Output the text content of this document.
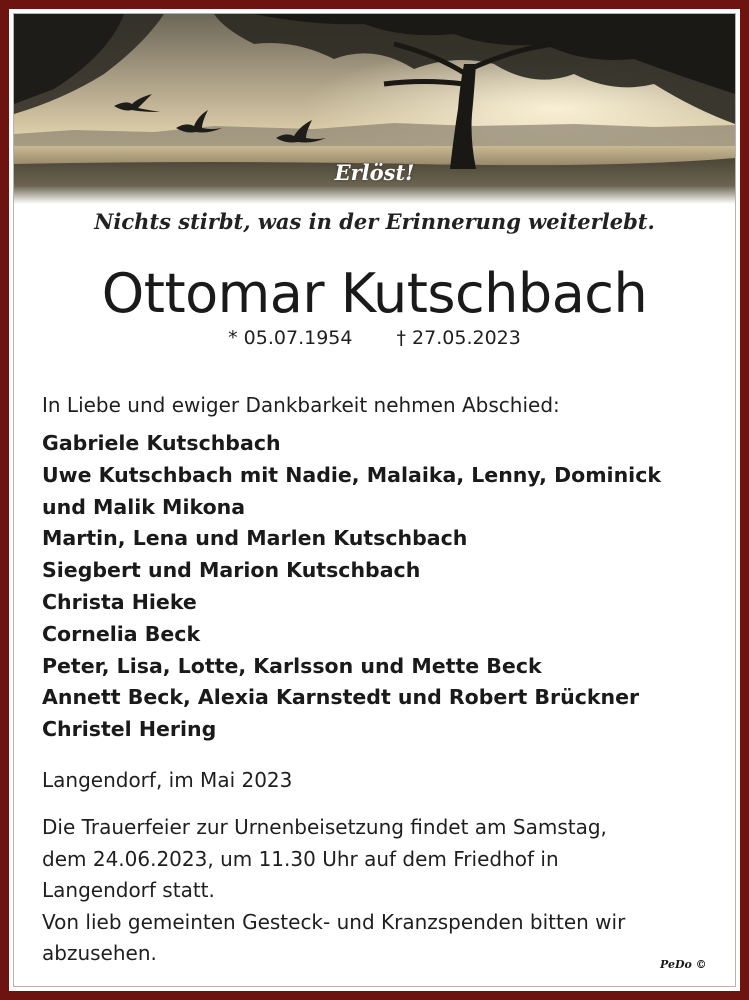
Erlöst!
Nichts stirbt, was in der Erinnerung weiterlebt.
Ottomar Kutschbach
* 05.07.1954 † 27.05.2023
In Liebe und ewiger Dankbarkeit nehmen Abschied:
Gabriele Kutschbach
Uwe Kutschbach mit Nadie, Malaika, Lenny, Dominick
und Malik Mikona
Martin, Lena und Marlen Kutschbach
Siegbert und Marion Kutschbach
Christa Hieke
Cornelia Beck
Peter, Lisa, Lotte, Karlsson und Mette Beck
Annett Beck, Alexia Karnstedt und Robert Brückner
Christel Hering
Langendorf, im Mai 2023
Die Trauerfeier zur Urnenbeisetzung findet am Samstag,
dem 24.06.2023, um 11.30 Uhr auf dem Friedhof in
Langendorf statt.
Von lieb gemeinten Gesteck- und Kranzspenden bitten wir
abzusehen.	PeDo ©
